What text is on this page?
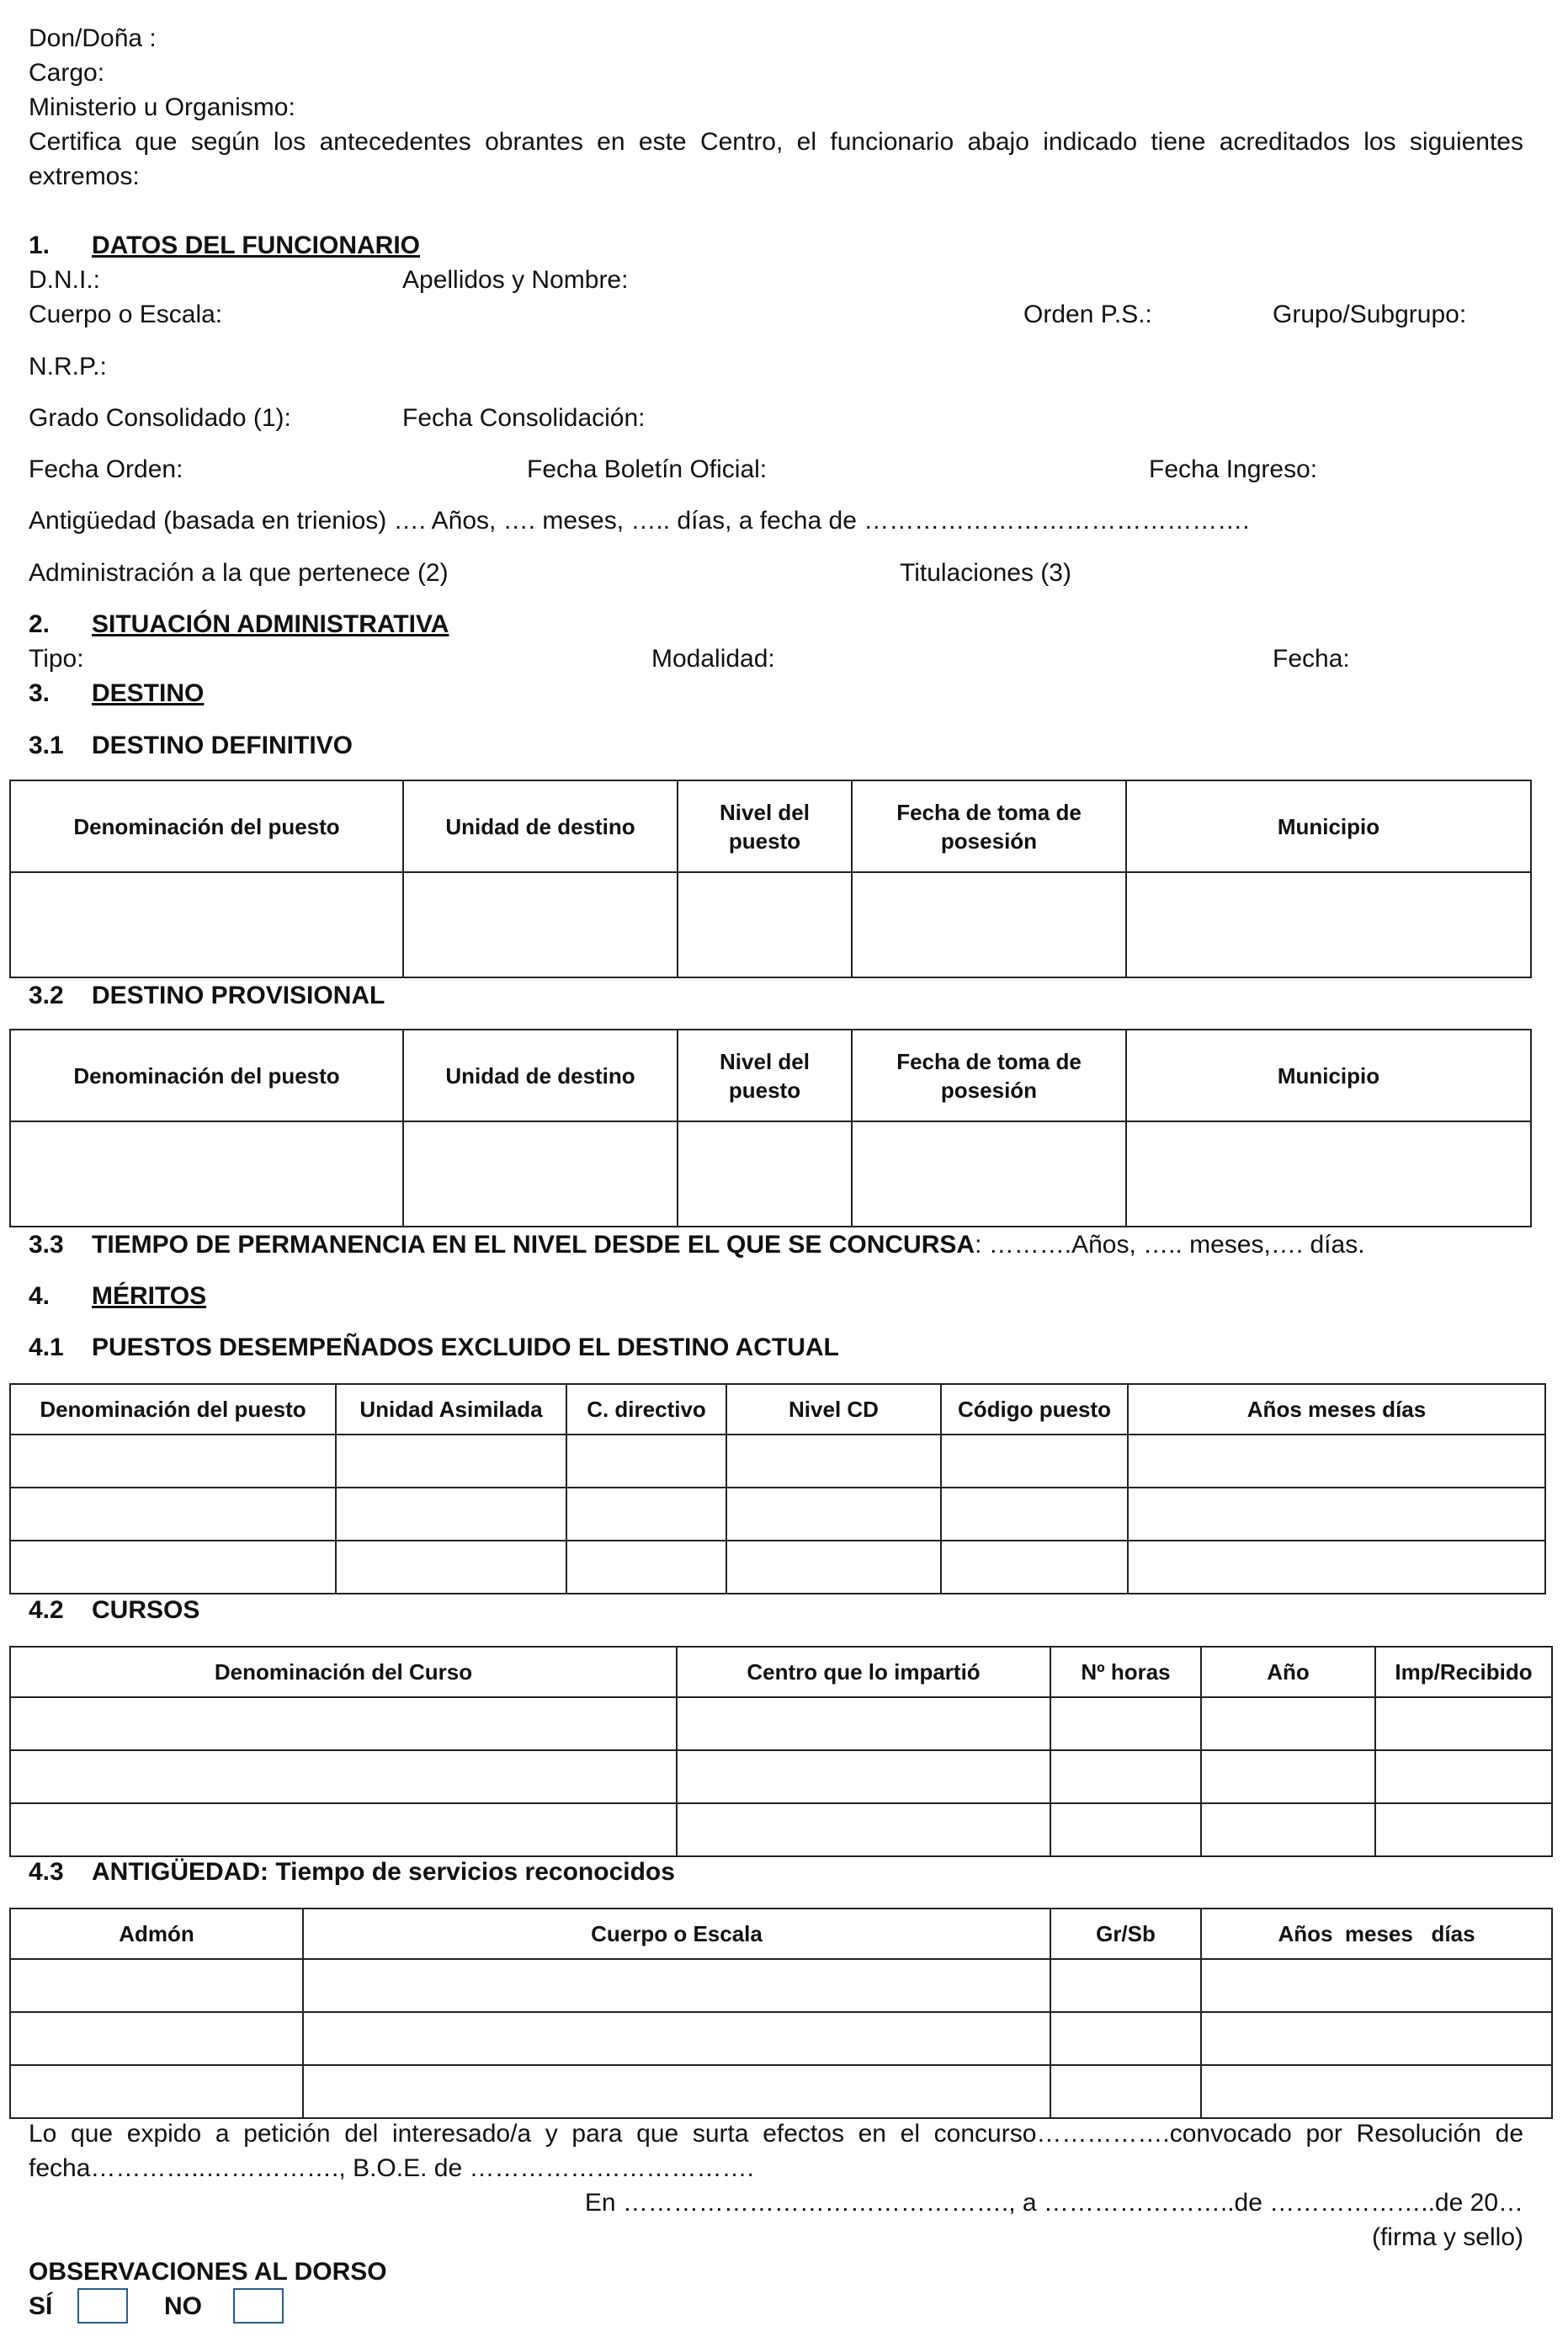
Don/Doña :
Cargo:
Ministerio u Organismo:
Certifica que según los antecedentes obrantes en este Centro, el funcionario abajo indicado tiene acreditados los siguientes
extremos:
1. DATOS DEL FUNCIONARIO
D.N.I.:	Apellidos y Nombre:
Cuerpo o Escala:	Orden P.S.:	Grupo/Subgrupo:
N.R.P.:
Grado Consolidado (1):	Fecha Consolidación:
Fecha Orden:	Fecha Boletín Oficial:	Fecha Ingreso:
Antigüedad (basada en trienios) …. Años, …. meses, ….. días, a fecha de ……………………………………….
Administración a la que pertenece (2)	Titulaciones (3)
2. SITUACIÓN ADMINISTRATIVA
Tipo:	Modalidad:	Fecha:
3. DESTINO
3.1 DESTINO DEFINITIVO
Denominación del puesto	Unidad de destino	Nivel del puesto	Fecha de toma de posesión	Municipio

3.2 DESTINO PROVISIONAL
Denominación del puesto	Unidad de destino	Nivel del puesto	Fecha de toma de posesión	Municipio

3.3 TIEMPO DE PERMANENCIA EN EL NIVEL DESDE EL QUE SE CONCURSA: ……….Años, ….. meses,…. días.
4. MÉRITOS
4.1 PUESTOS DESEMPEÑADOS EXCLUIDO EL DESTINO ACTUAL
Denominación del puesto	Unidad Asimilada	C. directivo	Nivel CD	Código puesto	Años meses días

4.2 CURSOS
Denominación del Curso	Centro que lo impartió	Nº horas	Año	Imp/Recibido

4.3 ANTIGÜEDAD: Tiempo de servicios reconocidos
Admón	Cuerpo o Escala	Gr/Sb	Años  meses   días

Lo que expido a petición del interesado/a y para que surta efectos en el concurso…………….convocado por Resolución de
fecha…………..……………., B.O.E. de …………………………….
En ………………………………………., a …………………..de ………………..de 20…
(firma y sello)
OBSERVACIONES AL DORSO
SÍ	NO
